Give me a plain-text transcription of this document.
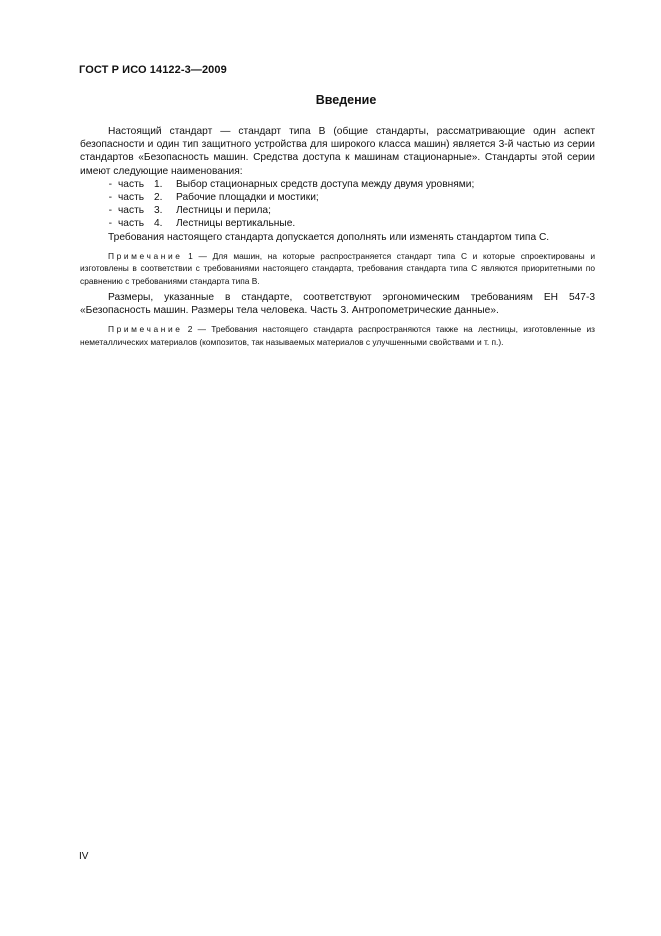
ГОСТ Р ИСО 14122-3—2009
Введение

Настоящий стандарт — стандарт типа B (общие стандарты, рассматривающие один аспект безопасности и один тип защитного устройства для широкого класса машин) является 3-й частью из серии стандартов «Безопасность машин. Средства доступа к машинам стационарные». Стандарты этой серии имеют следующие наименования:

- часть 1.	Выбор стационарных средств доступа между двумя уровнями;
- часть 2.	Рабочие площадки и мостики;
- часть 3.	Лестницы и перила;
- часть 4.	Лестницы вертикальные.

Требования настоящего стандарта допускается дополнять или изменять стандартом типа С.

Примечание 1 — Для машин, на которые распространяется стандарт типа С и которые спроектированы и изготовлены в соответствии с требованиями настоящего стандарта, требования стандарта типа С являются приоритетными по сравнению с требованиями стандарта типа B.

Размеры, указанные в стандарте, соответствуют эргономическим требованиям ЕН 547-3 «Безопасность машин. Размеры тела человека. Часть 3. Антропометрические данные».

Примечание 2 — Требования настоящего стандарта распространяются также на лестницы, изготовленные из неметаллических материалов (композитов, так называемых материалов с улучшенными свойствами и т. п.).

IV
